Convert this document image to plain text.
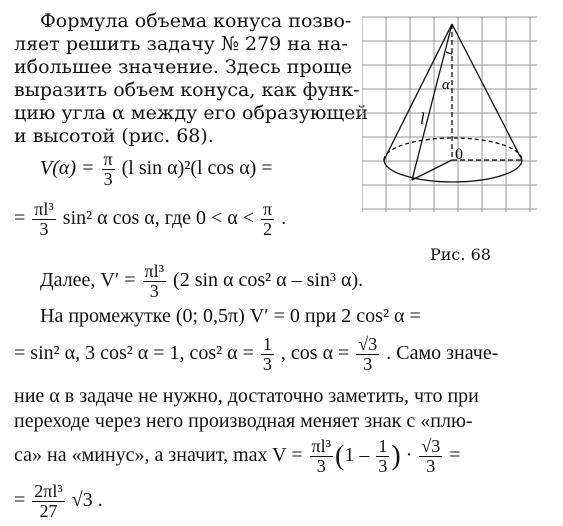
Формула объема конуса позво-
ляет решить задачу № 279 на на-
ибольшее значение. Здесь проще
выразить объем конуса, как функ-
цию угла α между его образующей
и высотой (рис. 68).
$V(\alpha) = \frac{\pi}{3} (l$ sin α)²(l cos α) =
= $\frac{\text{πl³}}{3} \sin^2$ α cos α, где $0 < \alpha < \frac{\pi}{2}$ .
Далее, $V' = \frac{\text{πl³}}{3} (2$ sin α cos² α – sin³ α).
На промежутке (0; 0,5π) V′ = 0 при 2 cos² α =
= sin² α, 3 cos² α = 1, cos² $\alpha = \frac{1}{3}$ , $\cos \alpha = \frac{√3}{3}$ . Само значе-
ние α в задаче не нужно, достаточно заметить, что при
переходе через него производная меняет знак с «плю-
са» на «минус», а значит, $\max V = \frac{\text{πl³}}{3} (1 - \frac{1}{3}$ ) · $\frac{√3}{3}$ =
= $\frac{\text{2πl³}}{27} √3$ .
α
l
0
Рис. 68
